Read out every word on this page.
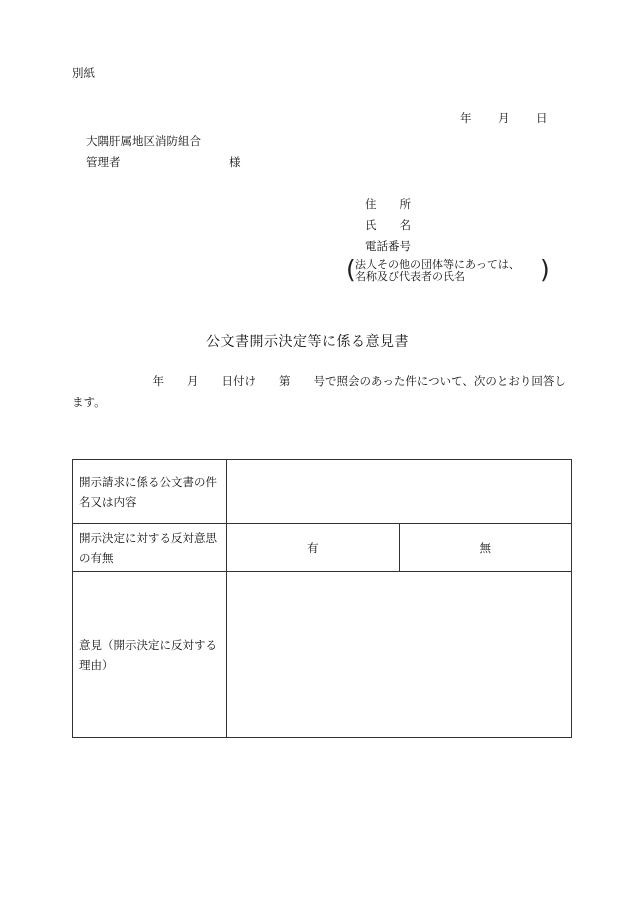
別紙
年 月 日
大隅肝属地区消防組合
管理者	様
住　　所
氏　　名
電話番号
( 法人その他の団体等にあっては、
名称及び代表者の氏名	)
公文書開示決定等に係る意見書
　　　　　　　年　　月　　日付け　　第　　号で照会のあった件について、次のとおり回答します。
開示請求に係る公文書の件名又は内容		
開示決定に対する反対意思の有無	有	無
意見（開示決定に反対する理由）		
